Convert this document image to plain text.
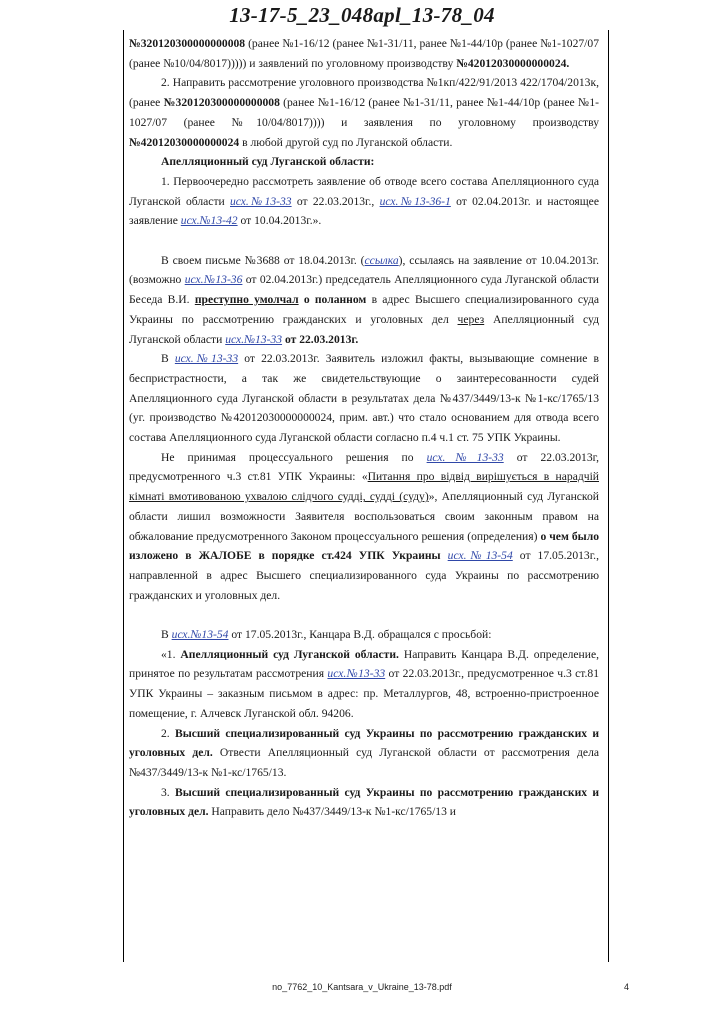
13-17-5_23_048apl_13-78_04

№320120300000000008 (ранее №1-16/12 (ранее №1-31/11, ранее №1-44/10р (ранее №1-1027/07 (ранее №10/04/8017))))) и заявлений по уголовному производству №42012030000000024.

2. Направить рассмотрение уголовного производства №1кп/422/91/2013 422/1704/2013к, (ранее №320120300000000008 (ранее №1-16/12 (ранее №1-31/11, ранее №1-44/10р (ранее №1-1027/07 (ранее №10/04/8017)))) и заявления по уголовному производству №42012030000000024 в любой другой суд по Луганской области.

Апелляционный суд Луганской области:

1. Первоочередно рассмотреть заявление об отводе всего состава Апелляционного суда Луганской области исх.№13-33 от 22.03.2013г., исх.№13-36-1 от 02.04.2013г. и настоящее заявление исх.№13-42 от 10.04.2013г.».

В своем письме №3688 от 18.04.2013г. (ссылка), ссылаясь на заявление от 10.04.2013г. (возможно исх.№13-36 от 02.04.2013г.) председатель Апелляционного суда Луганской области Беседа В.И. преступно умолчал о поланном в адрес Высшего специализированного суда Украины по рассмотрению гражданских и уголовных дел через Апелляционный суд Луганской области исх.№13-33 от 22.03.2013г.

В исх.№13-33 от 22.03.2013г. Заявитель изложил факты, вызывающие сомнение в беспристрастности, а так же свидетельствующие о заинтересованности судей Апелляционного суда Луганской области в результатах дела №437/3449/13-к №1-кс/1765/13 (уг. производство №42012030000000024, прим. авт.) что стало основанием для отвода всего состава Апелляционного суда Луганской области согласно п.4 ч.1 ст. 75 УПК Украины.

Не принимая процессуального решения по исх.№13-33 от 22.03.2013г, предусмотренного ч.3 ст.81 УПК Украины: «Питання про відвід вирішується в нарадчій кімнаті вмотивованою ухвалою слідчого судді, судді (суду)», Апелляционный суд Луганской области лишил возможности Заявителя воспользоваться своим законным правом на обжалование предусмотренного Законом процессуального решения (определения) о чем было изложено в ЖАЛОБЕ в порядке ст.424 УПК Украины исх.№13-54 от 17.05.2013г., направленной в адрес Высшего специализированного суда Украины по рассмотрению гражданских и уголовных дел.

В исх.№13-54 от 17.05.2013г., Канцара В.Д. обращался с просьбой:

«1. Апелляционный суд Луганской области. Направить Канцара В.Д. определение, принятое по результатам рассмотрения исх.№13-33 от 22.03.2013г., предусмотренное ч.3 ст.81 УПК Украины – заказным письмом в адрес: пр. Металлургов, 48, встроенно-пристроенное помещение, г. Алчевск Луганской обл. 94206.

2. Высший специализированный суд Украины по рассмотрению гражданских и уголовных дел. Отвести Апелляционный суд Луганской области от рассмотрения дела №437/3449/13-к №1-кс/1765/13.

3. Высший специализированный суд Украины по рассмотрению гражданских и уголовных дел. Направить дело №437/3449/13-к №1-кс/1765/13 и

no_7762_10_Kantsara_v_Ukraine_13-78.pdf	4
